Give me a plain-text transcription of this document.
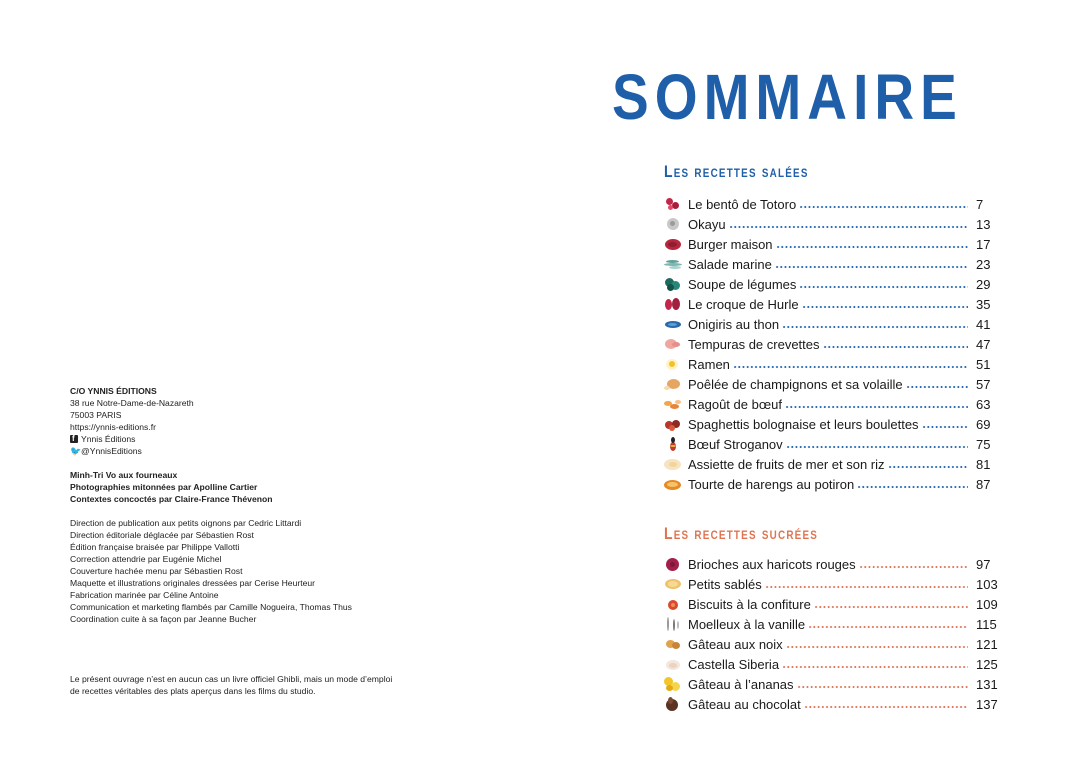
C/O YNNIS ÉDITIONS
38 rue Notre-Dame-de-Nazareth
75003 PARIS
https://ynnis-editions.fr
f
Ynnis Éditions
🐦 @YnnisEditions
Minh-Tri Vo aux fourneaux
Photographies mitonnées par Apolline Cartier
Contextes concoctés par Claire-France Thévenon
Direction de publication aux petits oignons par Cedric Littardi
Direction éditoriale déglacée par Sébastien Rost
Édition française braisée par Philippe Vallotti
Correction attendrie par Eugénie Michel
Couverture hachée menu par Sébastien Rost
Maquette et illustrations originales dressées par Cerise Heurteur
Fabrication marinée par Céline Antoine
Communication et marketing flambés par Camille Nogueira, Thomas Thus
Coordination cuite à sa façon par Jeanne Bucher
Le présent ouvrage n’est en aucun cas un livre officiel Ghibli, mais un mode d’emploi
de recettes véritables des plats aperçus dans les films du studio.
SOMMAIRE
Les recettes salées
Le bentô de Totoro	7
Okayu	13
Burger maison	17
Salade marine	23
Soupe de légumes	29
Le croque de Hurle	35
Onigiris au thon	41
Tempuras de crevettes	47
Ramen	51
Poêlée de champignons et sa volaille	57
Ragoût de bœuf	63
Spaghettis bolognaise et leurs boulettes	69
Bœuf Stroganov	75
Assiette de fruits de mer et son riz	81
Tourte de harengs au potiron	87
Les recettes sucrées
Brioches aux haricots rouges	97
Petits sablés	103
Biscuits à la confiture	109
Moelleux à la vanille	115
Gâteau aux noix	121
Castella Siberia	125
Gâteau à l’ananas	131
Gâteau au chocolat	137
